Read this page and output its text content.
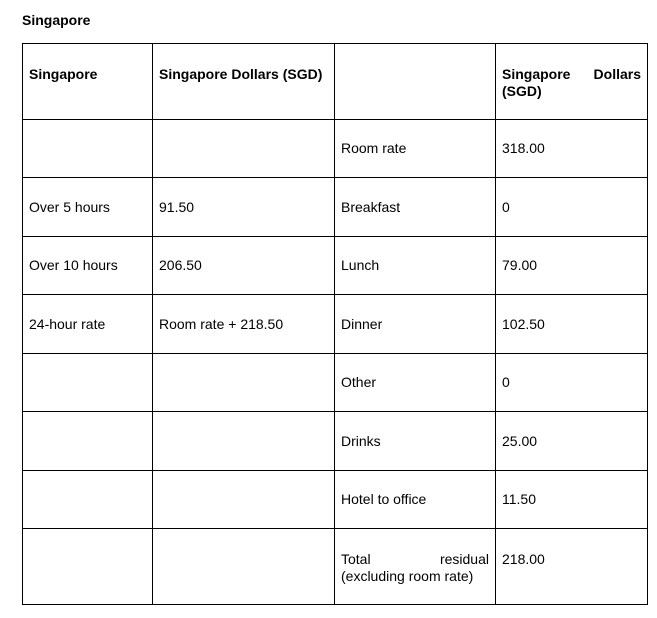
Singapore
Singapore	Singapore Dollars (SGD)		Singapore Dollars (SGD)
		Room rate	318.00
Over 5 hours	91.50	Breakfast	0
Over 10 hours	206.50	Lunch	79.00
24-hour rate	Room rate + 218.50	Dinner	102.50
		Other	0
		Drinks	25.00
		Hotel to office	11.50
		Total residual (excluding room rate)	218.00
